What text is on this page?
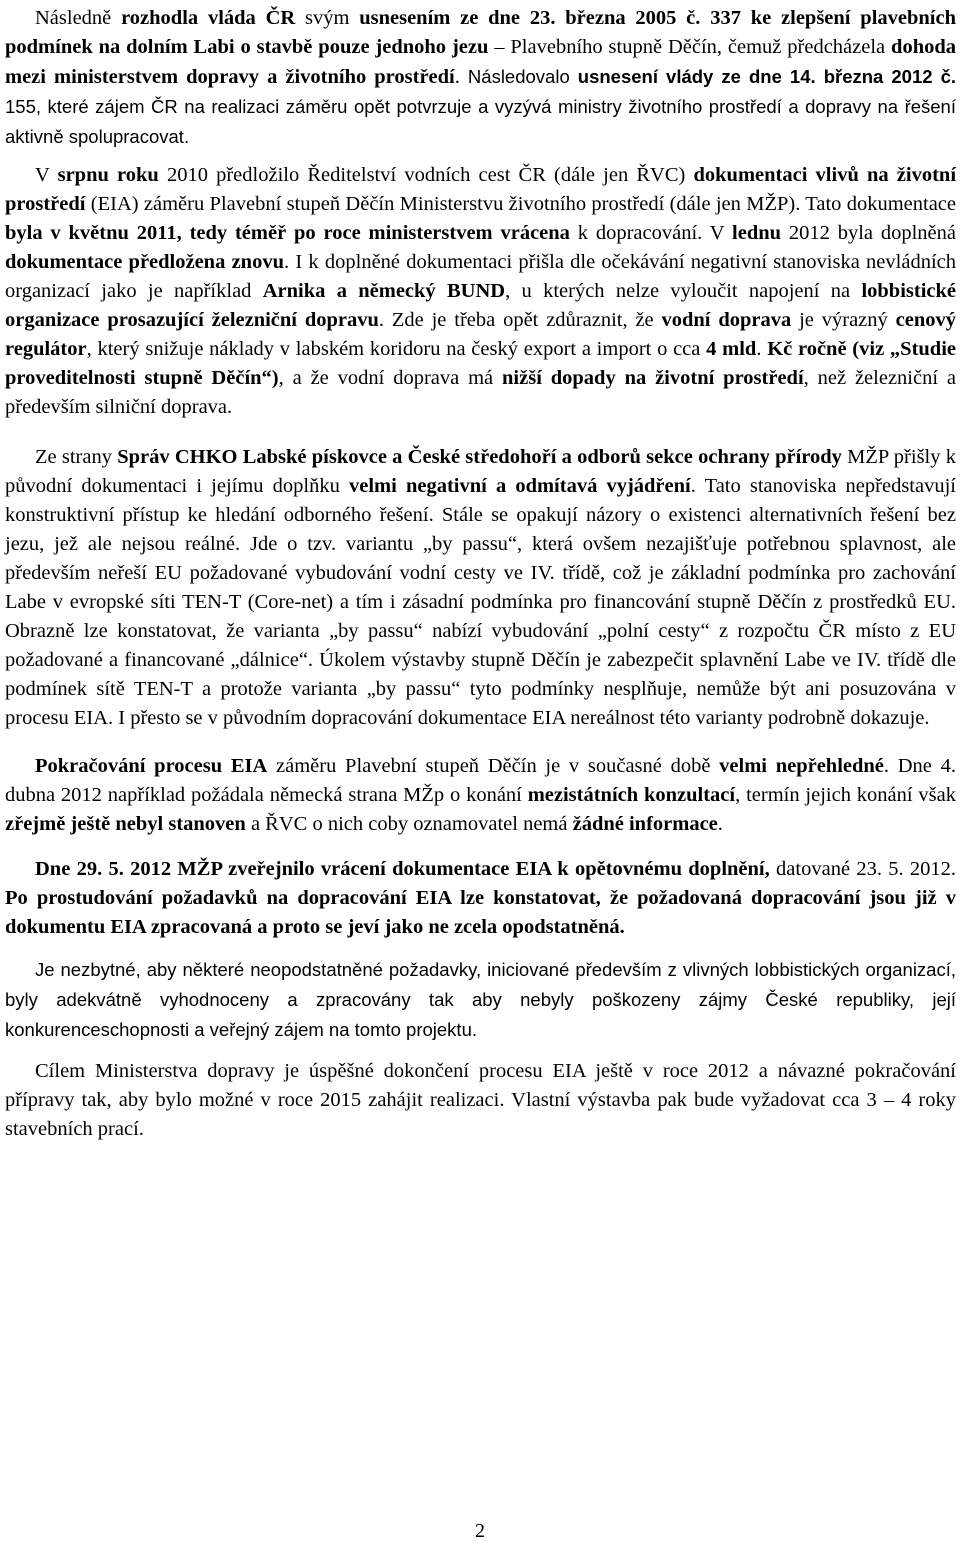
Následně rozhodla vláda ČR svým usnesením ze dne 23. března 2005 č. 337 ke zlepšení plavebních podmínek na dolním Labi o stavbě pouze jednoho jezu – Plavebního stupně Děčín, čemuž předcházela dohoda mezi ministerstvem dopravy a životního prostředí. Následovalo usnesení vlády ze dne 14. března 2012 č. 155, které zájem ČR na realizaci záměru opět potvrzuje a vyzývá ministry životního prostředí a dopravy na řešení aktivně spolupracovat.

V srpnu roku 2010 předložilo Ředitelství vodních cest ČR (dále jen ŘVC) dokumentaci vlivů na životní prostředí (EIA) záměru Plavební stupeň Děčín Ministerstvu životního prostředí (dále jen MŽP). Tato dokumentace byla v květnu 2011, tedy téměř po roce ministerstvem vrácena k dopracování. V lednu 2012 byla doplněná dokumentace předložena znovu. I k doplněné dokumentaci přišla dle očekávání negativní stanoviska nevládních organizací jako je například Arnika a německý BUND, u kterých nelze vyloučit napojení na lobbistické organizace prosazující železniční dopravu. Zde je třeba opět zdůraznit, že vodní doprava je výrazný cenový regulátor, který snižuje náklady v labském koridoru na český export a import o cca 4 mld. Kč ročně (viz „Studie proveditelnosti stupně Děčín“), a že vodní doprava má nižší dopady na životní prostředí, než železniční a především silniční doprava.

Ze strany Správ CHKO Labské pískovce a České středohoří a odborů sekce ochrany přírody MŽP přišly k původní dokumentaci i jejímu doplňku velmi negativní a odmítavá vyjádření. Tato stanoviska nepředstavují konstruktivní přístup ke hledání odborného řešení. Stále se opakují názory o existenci alternativních řešení bez jezu, jež ale nejsou reálné. Jde o tzv. variantu „by passu“, která ovšem nezajišťuje potřebnou splavnost, ale především neřeší EU požadované vybudování vodní cesty ve IV. třídě, což je základní podmínka pro zachování Labe v evropské síti TEN-T (Core-net) a tím i zásadní podmínka pro financování stupně Děčín z prostředků EU. Obrazně lze konstatovat, že varianta „by passu“ nabízí vybudování „polní cesty“ z rozpočtu ČR místo z EU požadované a financované „dálnice“. Úkolem výstavby stupně Děčín je zabezpečit splavnění Labe ve IV. třídě dle podmínek sítě TEN-T a protože varianta „by passu“ tyto podmínky nesplňuje, nemůže být ani posuzována v procesu EIA. I přesto se v původním dopracování dokumentace EIA nereálnost této varianty podrobně dokazuje.

Pokračování procesu EIA záměru Plavební stupeň Děčín je v současné době velmi nepřehledné. Dne 4. dubna 2012 například požádala německá strana MŽp o konání mezistátních konzultací, termín jejich konání však zřejmě ještě nebyl stanoven a ŘVC o nich coby oznamovatel nemá žádné informace.

Dne 29. 5. 2012 MŽP zveřejnilo vrácení dokumentace EIA k opětovnému doplnění, datované 23. 5. 2012. Po prostudování požadavků na dopracování EIA lze konstatovat, že požadovaná dopracování jsou již v dokumentu EIA zpracovaná a proto se jeví jako ne zcela opodstatněná.

Je nezbytné, aby některé neopodstatněné požadavky, iniciované především z vlivných lobbistických organizací, byly adekvátně vyhodnoceny a zpracovány tak aby nebyly poškozeny zájmy České republiky, její konkurenceschopnosti a veřejný zájem na tomto projektu.

Cílem Ministerstva dopravy je úspěšné dokončení procesu EIA ještě v roce 2012 a návazné pokračování přípravy tak, aby bylo možné v roce 2015 zahájit realizaci. Vlastní výstavba pak bude vyžadovat cca 3 – 4 roky stavebních prací.

2
